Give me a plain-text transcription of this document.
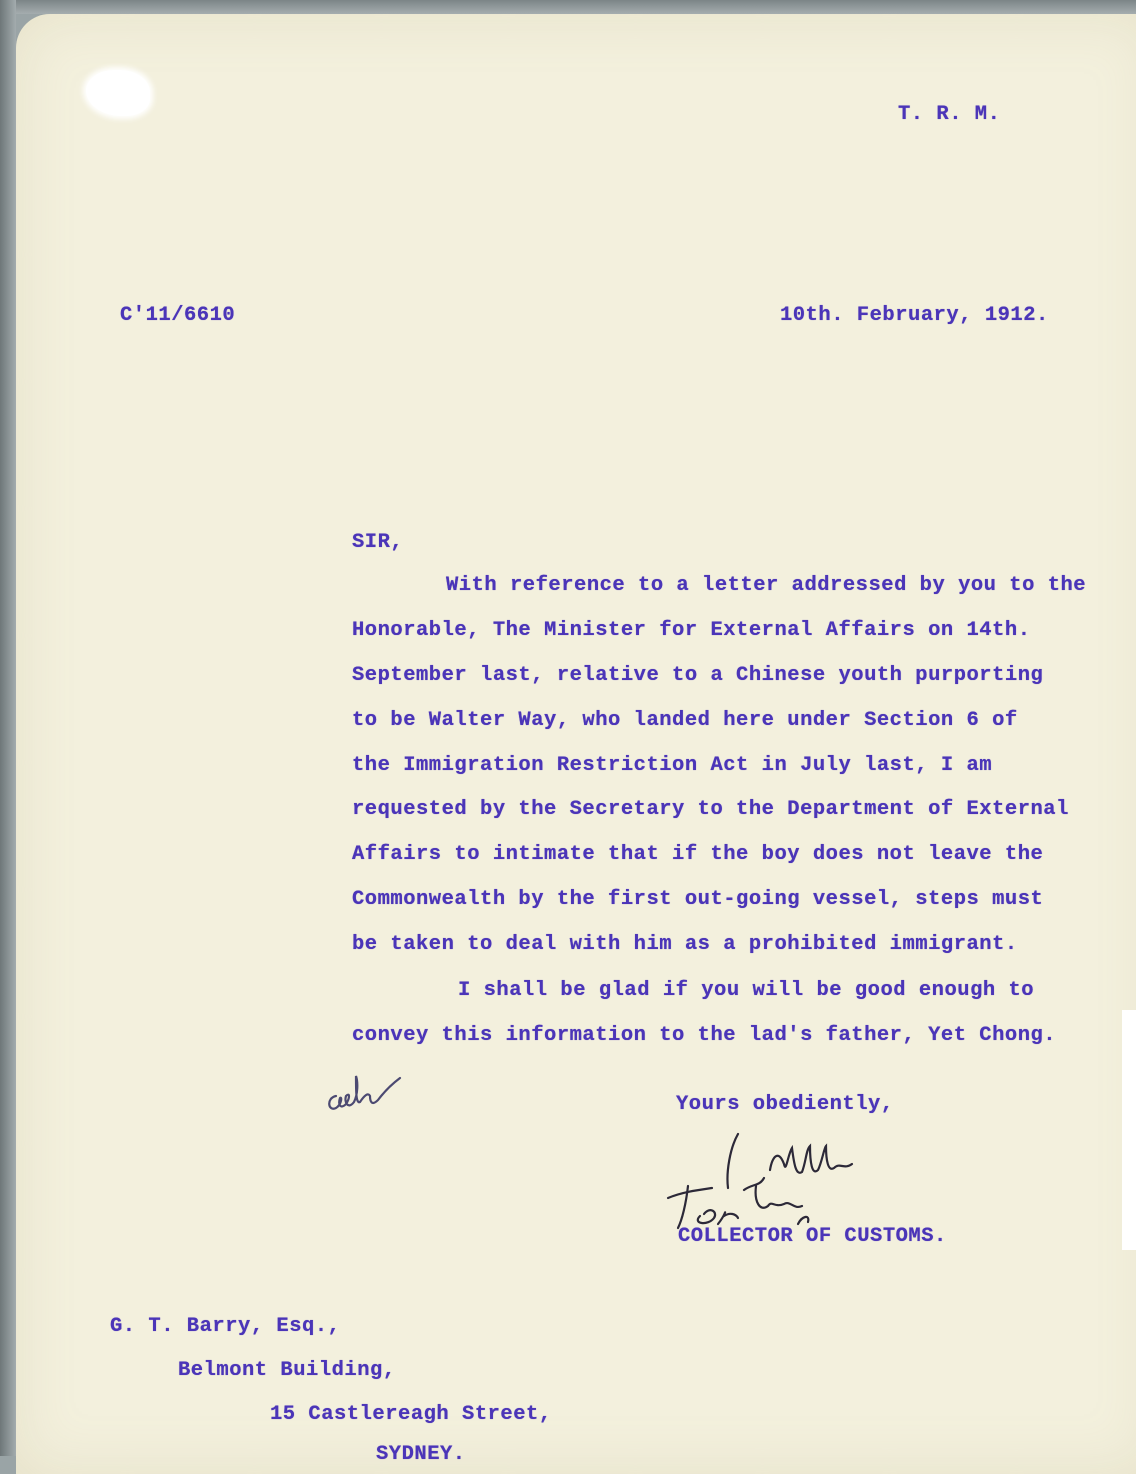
T. R. M.
C'11/6610	10th. February, 1912.
SIR,
With reference to a letter addressed by you to the
Honorable, The Minister for External Affairs on 14th.
September last, relative to a Chinese youth purporting
to be Walter Way, who landed here under Section 6 of
the Immigration Restriction Act in July last, I am
requested by the Secretary to the Department of External
Affairs to intimate that if the boy does not leave the
Commonwealth by the first out-going vessel, steps must
be taken to deal with him as a prohibited immigrant.
I shall be glad if you will be good enough to
convey this information to the lad's father, Yet Chong.
Yours obediently,
COLLECTOR OF CUSTOMS.
G. T. Barry, Esq.,
Belmont Building,
15 Castlereagh Street,
SYDNEY.
